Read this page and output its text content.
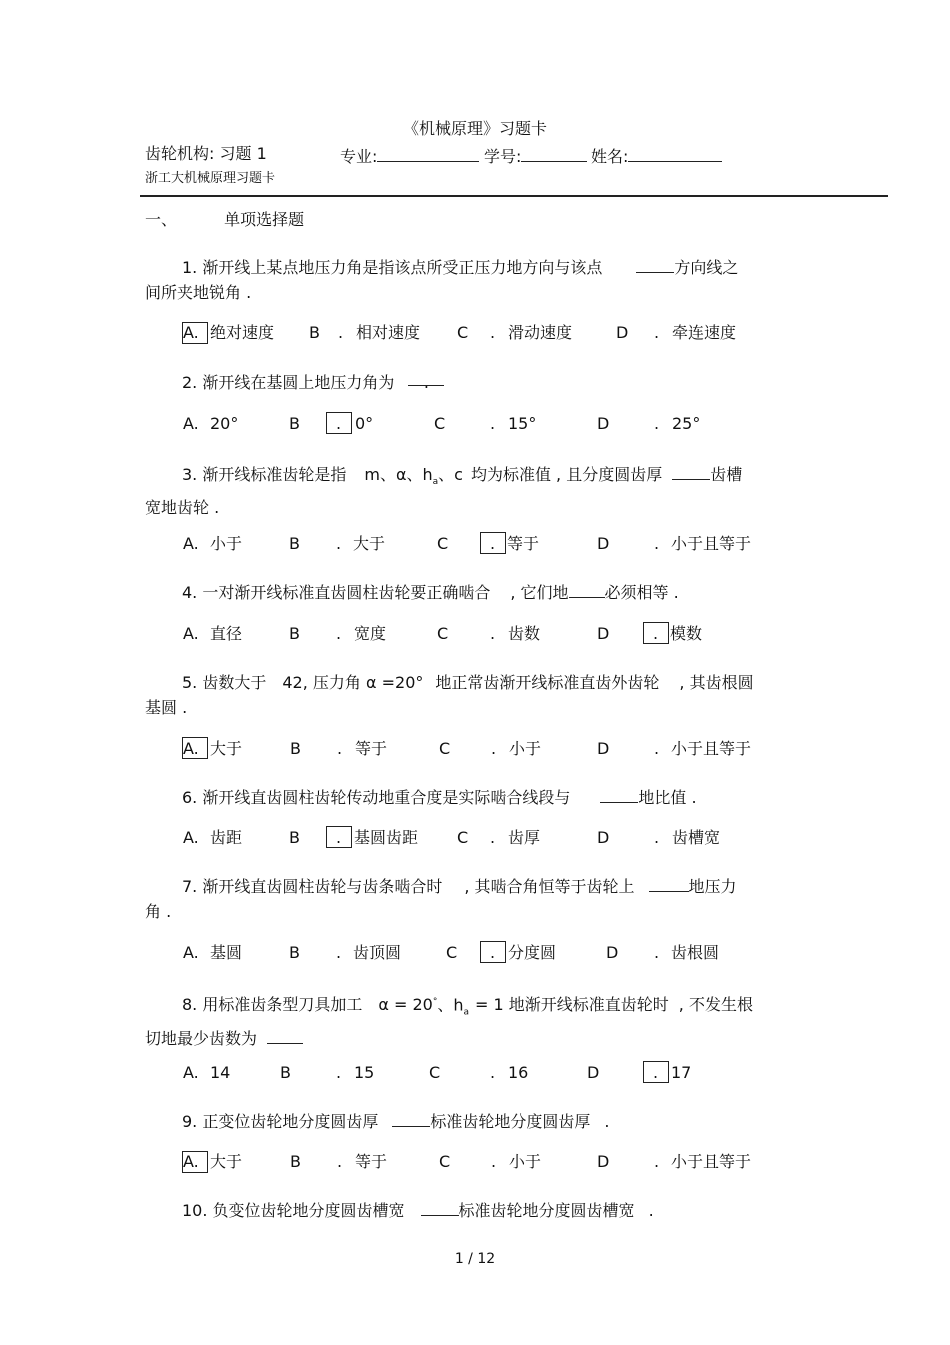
《机械原理》习题卡
齿轮机构: 习题 1	专业:	学号:	姓名:
浙工大机械原理习题卡
一、	单项选择题
1. 渐开线上某点地压力角是指该点所受正压力地方向与该点	方向线之
间所夹地锐角 .
A. 绝对速度 B . 相对速度 C . 滑动速度	D . 牵连速度
2. 渐开线在基圆上地压力角为 .
A. 20°	B . 0°	C	. 15°	D	. 25°
3. 渐开线标准齿轮是指 m、α、$h_a$、c 均为标准值 , 且分度圆齿厚	齿槽
宽地齿轮 .
A. 小于	B . 大于	C	. 等于	D	. 小于且等于
4. 一对渐开线标准直齿圆柱齿轮要正确啮合 , 它们地 必须相等 .
A. 直径	B . 宽度	C	. 齿数	D	. 模数
5. 齿数大于 42, 压力角 α =20° 地正常齿渐开线标准直齿外齿轮 , 其齿根圆
基圆 .
A. 大于	B . 等于	C	. 小于	D	. 小于且等于
6. 渐开线直齿圆柱齿轮传动地重合度是实际啮合线段与	地比值 .
A. 齿距	B . 基圆齿距 C . 齿厚	D	. 齿槽宽
7. 渐开线直齿圆柱齿轮与齿条啮合时 , 其啮合角恒等于齿轮上	地压力
角 .
A. 基圆	B . 齿顶圆	C . 分度圆	D . 齿根圆
8. 用标准齿条型刀具加工 α = 20°、$h_a = 1$ 地渐开线标准直齿轮时 , 不发生根
切地最少齿数为
A. 14	B	. 15	C	. 16	D	. 17
9. 正变位齿轮地分度圆齿厚	标准齿轮地分度圆齿厚 .
A. 大于	B . 等于	C	. 小于	D	. 小于且等于
10. 负变位齿轮地分度圆齿槽宽	标准齿轮地分度圆齿槽宽 .
1 / 12
